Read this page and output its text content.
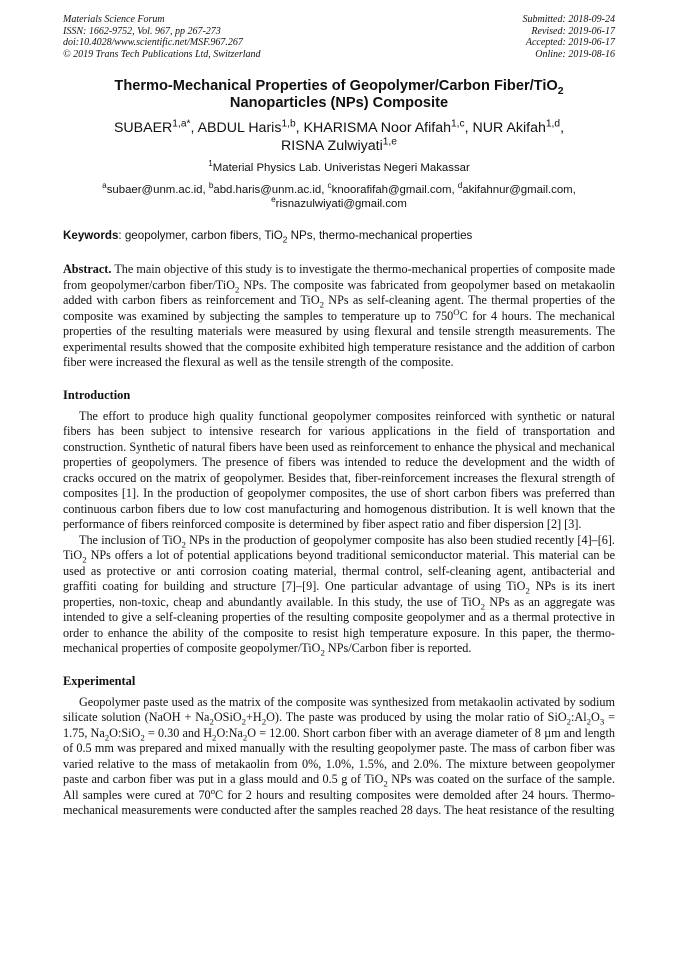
Materials Science Forum
ISSN: 1662-9752, Vol. 967, pp 267-273
doi:10.4028/www.scientific.net/MSF.967.267
© 2019 Trans Tech Publications Ltd, Switzerland
Submitted: 2018-09-24
Revised: 2019-06-17
Accepted: 2019-06-17
Online: 2019-08-16
Thermo-Mechanical Properties of Geopolymer/Carbon Fiber/TiO$_2$
Nanoparticles (NPs) Composite
$SUBAER^{1,a*}$, ABDUL Haris$^{1,b}$, KHARISMA Noor Afifah$^{1,c}$, NUR Akifah$^{1,d}$,
RISNA Zulwiyati$^{1,e}$
$^1$Material Physics Lab. Univeristas Negeri Makassar
$^a$subaer@unm.ac.id, $^b$abd.haris@unm.ac.id, $^c$knoorafifah@gmail.com, $^d$akifahnur@gmail.com,
$^e$risnazulwiyati@gmail.com
Keywords: geopolymer, carbon fibers, TiO$_2$ NPs, thermo-mechanical properties
Abstract. The main objective of this study is to investigate the thermo-mechanical properties of composite made from geopolymer/carbon fiber/TiO$_2$ NPs. The composite was fabricated from geopolymer based on metakaolin added with carbon fibers as reinforcement and TiO$_2$ NPs as self-cleaning agent. The thermal properties of the composite was examined by subjecting the samples to temperature up to $750^OC$ for 4 hours. The mechanical properties of the resulting materials were measured by using flexural and tensile strength measurements. The experimental results showed that the composite exhibited high temperature resistance and the addition of carbon fiber were increased the flexural as well as the tensile strength of the composite.
Introduction

The effort to produce high quality functional geopolymer composites reinforced with synthetic or natural fibers has been subject to intensive research for various applications in the field of transportation and construction. Synthetic of natural fibers have been used as reinforcement to enhance the physical and mechanical properties of geopolymers. The presence of fibers was intended to reduce the development and the width of cracks occured on the matrix of geopolymer. Besides that, fiber-reinforcement increases the flexural strength of composites [1]. In the production of geopolymer composites, the use of short carbon fibers was preferred than continuous carbon fibers due to low cost manufacturing and homogenous distribution. It is well known that the performance of fibers reinforced composite is determined by fiber aspect ratio and fiber dispersion [2] [3].

The inclusion of TiO$_2$ NPs in the production of geopolymer composite has also been studied recently [4]–[6]. TiO$_2$ NPs offers a lot of potential applications beyond traditional semiconductor material. This material can be used as protective or anti corrosion coating material, thermal control, self-cleaning agent, antibacterial and graffiti coating for building and structure [7]–[9]. One particular advantage of using TiO$_2$ NPs is its inert properties, non-toxic, cheap and abundantly available. In this study, the use of TiO$_2$ NPs as an aggregate was intended to give a self-cleaning properties of the resulting composite geopolymer and as a thermal protective in order to enhance the ability of the composite to resist high temperature exposure. In this paper, the thermo-mechanical properties of composite geopolymer/TiO$_2$ NPs/Carbon fiber is reported.

Experimental

Geopolymer paste used as the matrix of the composite was synthesized from metakaolin activated by sodium silicate solution (NaOH + $Na_2OSiO_2+H_2O$). The paste was produced by using the molar ratio of $SiO_2:Al_2O_3 = 1.75$, $Na_2O:SiO_2 = 0.30$ and $H_2O:Na_2O = 12.00$. Short carbon fiber with an average diameter of 8 µm and length of 0.5 mm was prepared and mixed manually with the resulting geopolymer paste. The mass of carbon fiber was varied relative to the mass of metakaolin from 0%, 1.0%, 1.5%, and 2.0%. The mixture between geopolymer paste and carbon fiber was put in a glass mould and 0.5 g of TiO$_2$ NPs was coated on the surface of the sample. All samples were cured at 70$^o$C for 2 hours and resulting composites were demolded after 24 hours. Thermo-mechanical measurements were conducted after the samples reached 28 days. The heat resistance of the resulting
